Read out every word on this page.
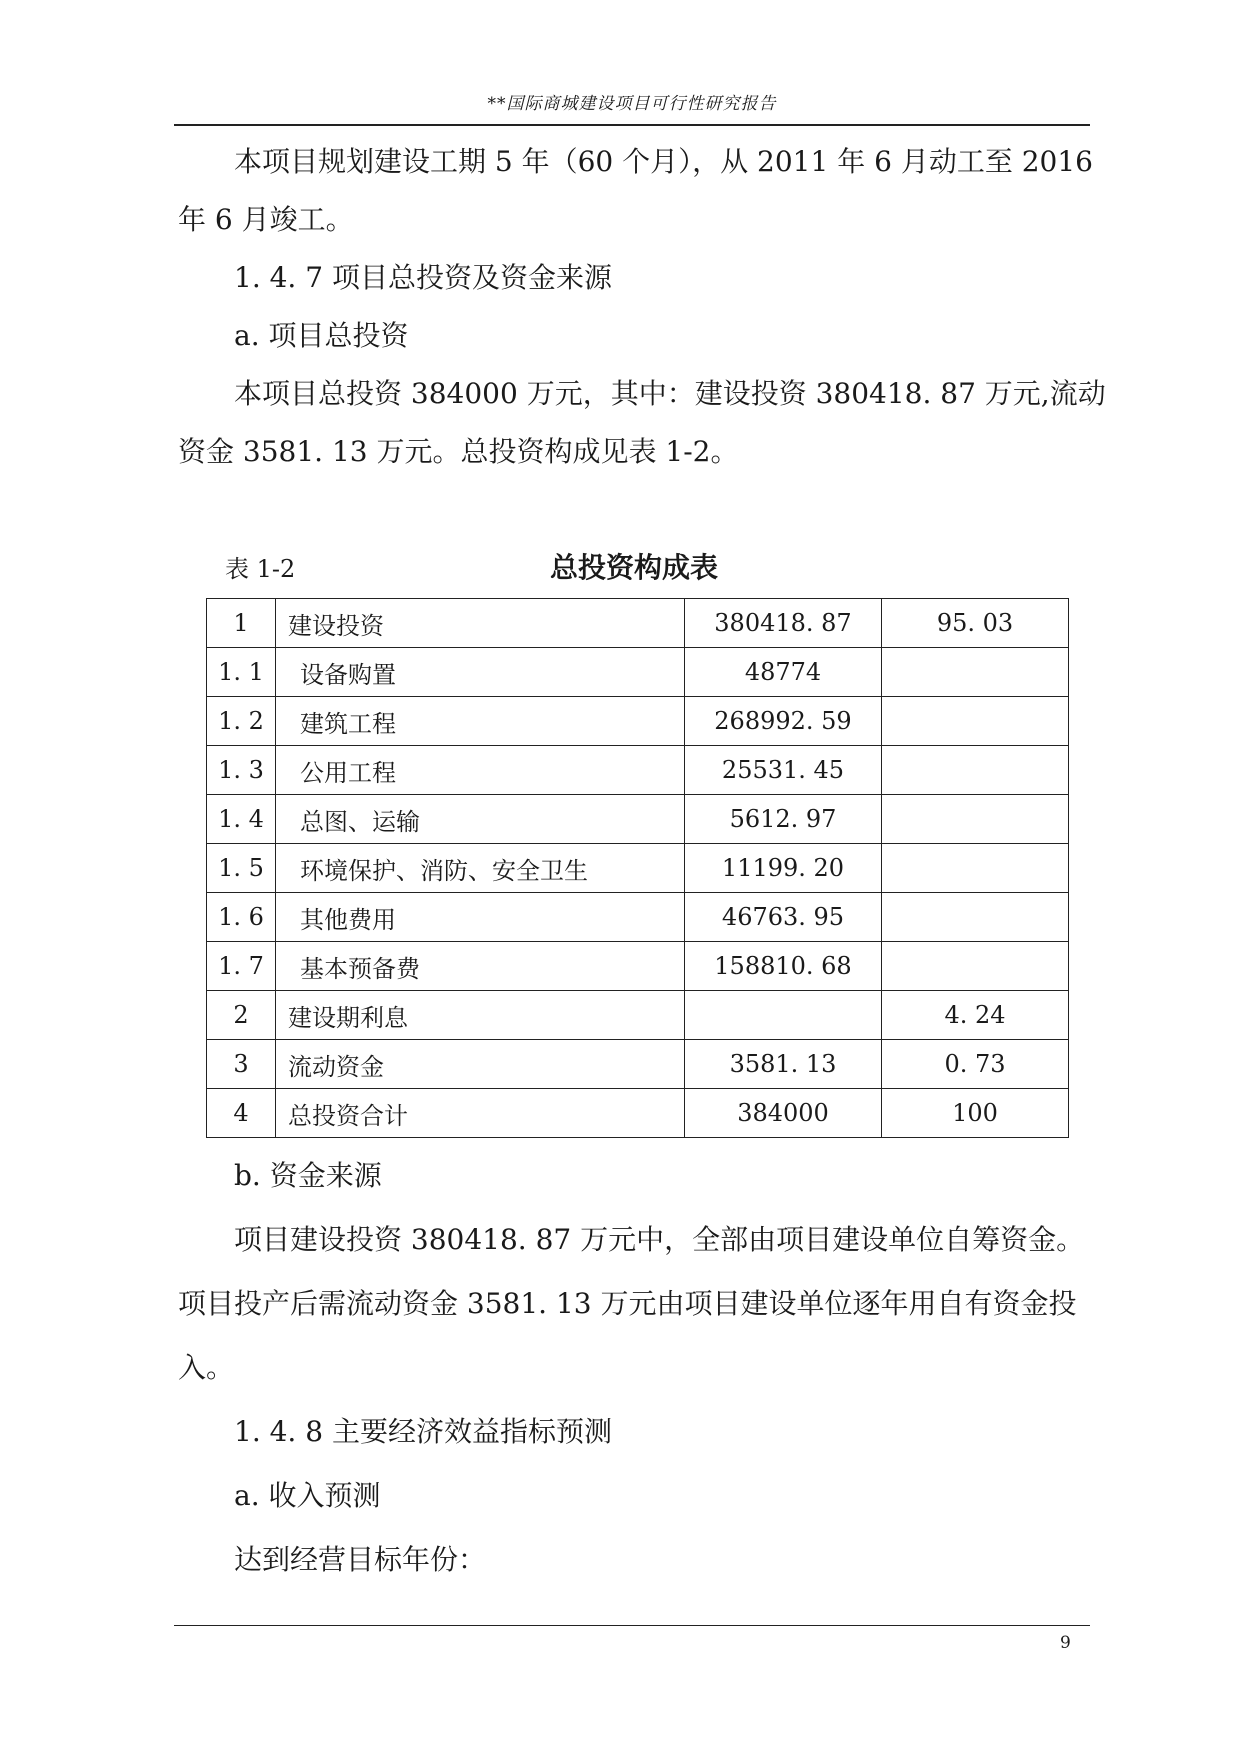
**国际商城建设项目可行性研究报告
本项目规划建设工期 5 年（60 个月），从 2011 年 6 月动工至 2016
年 6 月竣工。
1. 4. 7 项目总投资及资金来源
a. 项目总投资
本项目总投资 384000 万元，其中：建设投资 380418. 87 万元,流动
资金 3581. 13 万元。总投资构成见表 1-2。
表 1-2	总投资构成表
1	建设投资	380418. 87	95. 03
1. 1	设备购置	48774	
1. 2	建筑工程	268992. 59	
1. 3	公用工程	25531. 45	
1. 4	总图、运输	5612. 97	
1. 5	环境保护、消防、安全卫生	11199. 20	
1. 6	其他费用	46763. 95	
1. 7	基本预备费	158810. 68	
2	建设期利息		4. 24
3	流动资金	3581. 13	0. 73
4	总投资合计	384000	100
b. 资金来源
项目建设投资 380418. 87 万元中，全部由项目建设单位自筹资金。
项目投产后需流动资金 3581. 13 万元由项目建设单位逐年用自有资金投
入。
1. 4. 8 主要经济效益指标预测
a. 收入预测
达到经营目标年份：
9
